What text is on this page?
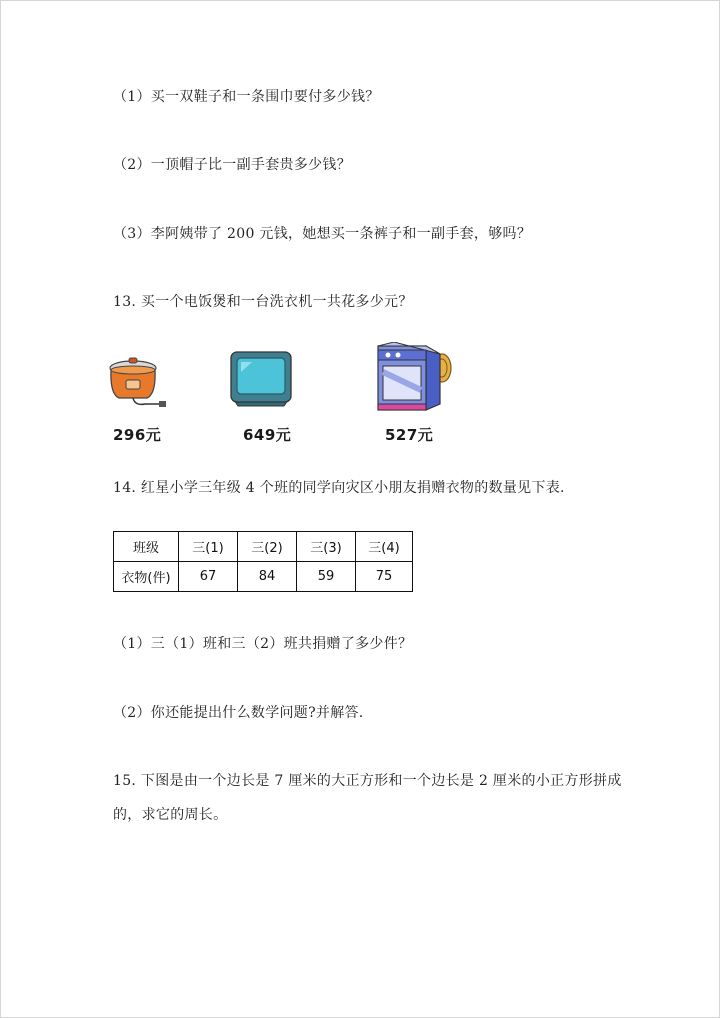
（1）买一双鞋子和一条围巾要付多少钱？
（2）一顶帽子比一副手套贵多少钱？
（3）李阿姨带了 200 元钱，她想买一条裤子和一副手套，够吗？
13. 买一个电饭煲和一台洗衣机一共花多少元？
296元	649元	527元
14. 红星小学三年级 4 个班的同学向灾区小朋友捐赠衣物的数量见下表.
班级	三(1)	三(2)	三(3)	三(4)
衣物(件)	67	84	59	75
（1）三（1）班和三（2）班共捐赠了多少件？
（2）你还能提出什么数学问题?并解答.
15. 下图是由一个边长是 7 厘米的大正方形和一个边长是 2 厘米的小正方形拼成
的，求它的周长。
